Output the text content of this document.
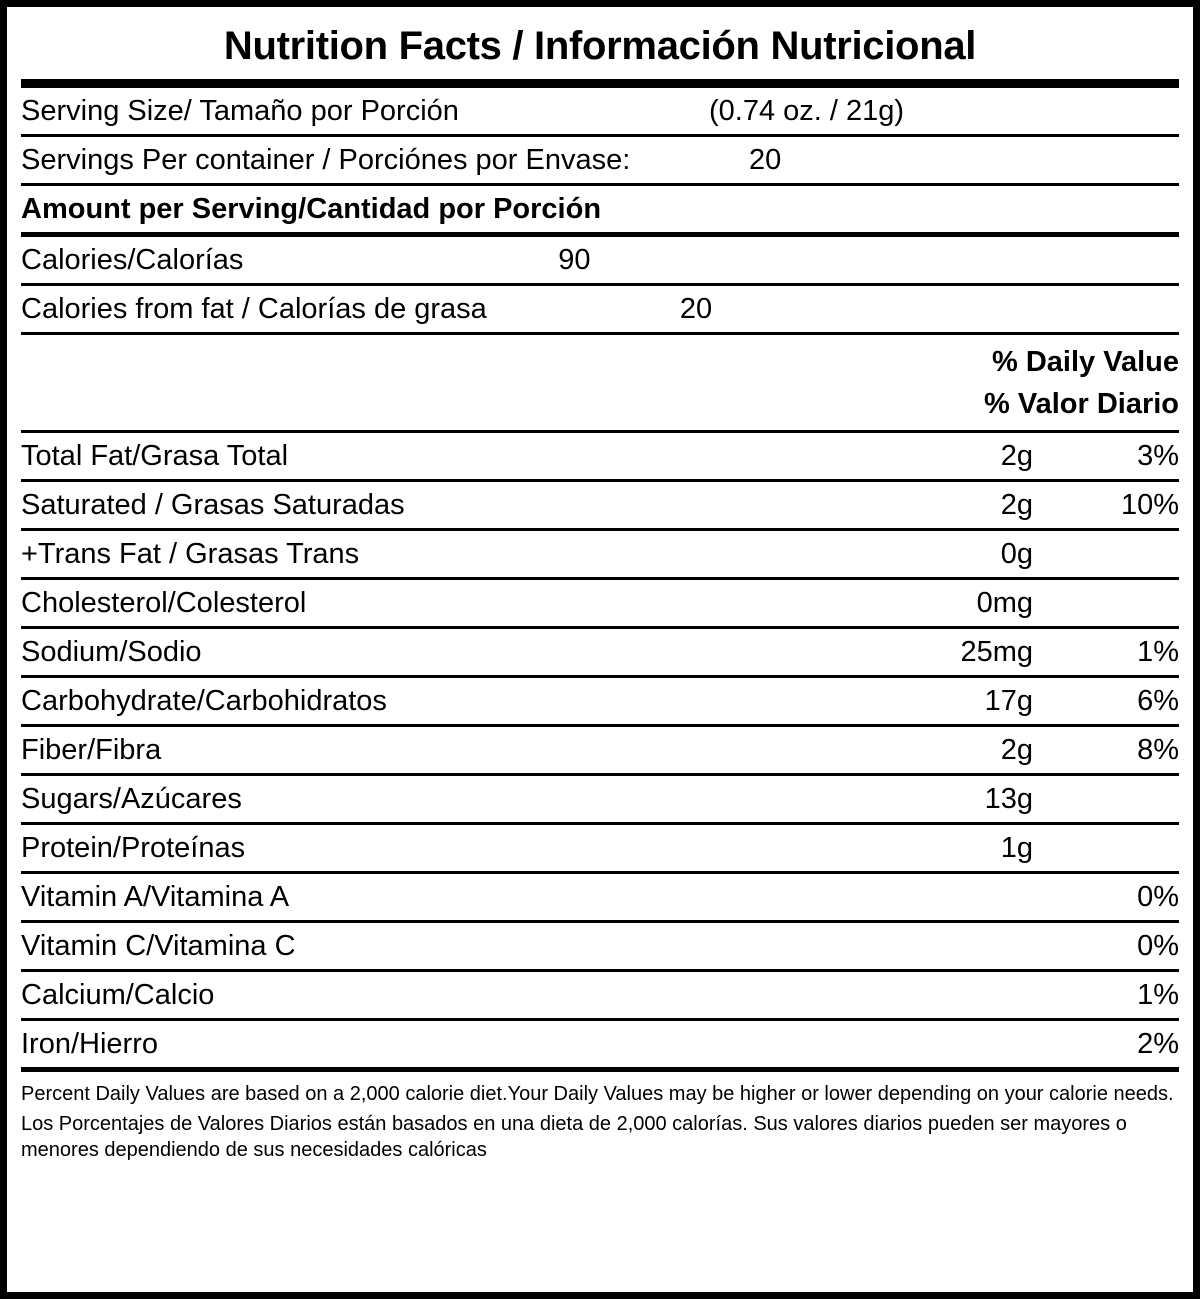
Nutrition Facts / Información Nutricional
Serving Size/ Tamaño por Porción	(0.74 oz. / 21g)
Servings Per container / Porciónes por Envase:	20
Amount per Serving/Cantidad por Porción
Calories/Calorías	90
Calories from fat / Calorías de grasa	20
% Daily Value
% Valor Diario
Total Fat/Grasa Total	2g	3%
Saturated / Grasas Saturadas	2g	10%
+Trans Fat / Grasas Trans	0g
Cholesterol/Colesterol	0mg
Sodium/Sodio	25mg	1%
Carbohydrate/Carbohidratos	17g	6%
Fiber/Fibra	2g	8%
Sugars/Azúcares	13g
Protein/Proteínas	1g
Vitamin A/Vitamina A	0%
Vitamin C/Vitamina C	0%
Calcium/Calcio	1%
Iron/Hierro	2%

Percent Daily Values are based on a 2,000 calorie diet.Your Daily Values may be higher or lower depending on your calorie needs.

Los Porcentajes de Valores Diarios están basados en una dieta de 2,000 calorías. Sus valores diarios pueden ser mayores o menores dependiendo de sus necesidades calóricas
